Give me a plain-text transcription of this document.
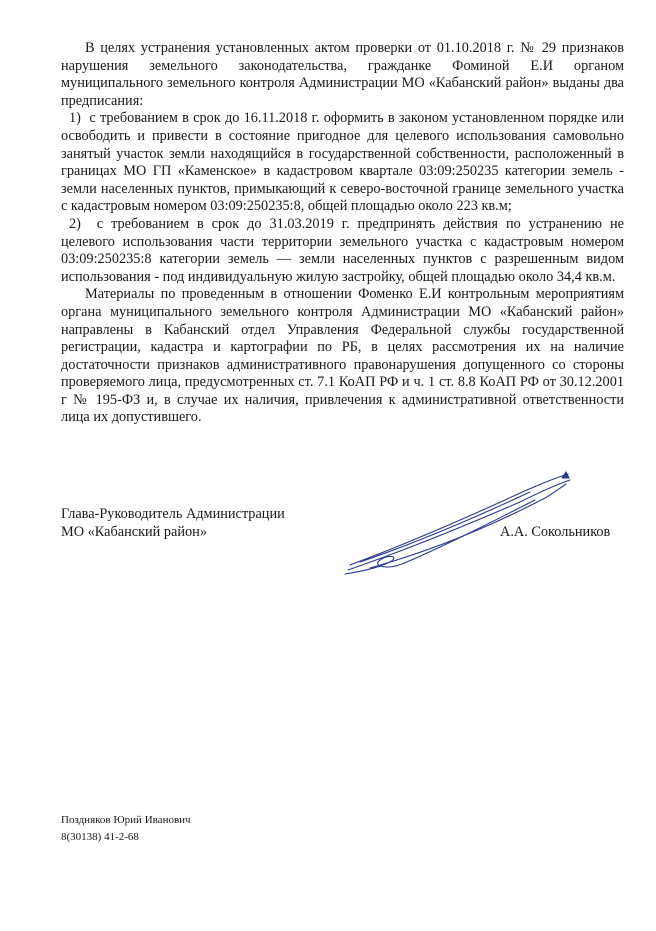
В целях устранения установленных актом проверки от 01.10.2018 г. № 29 признаков нарушения земельного законодательства, гражданке Фоминой Е.И органом муниципального земельного контроля Администрации МО «Кабанский район» выданы два предписания:

1) с требованием в срок до 16.11.2018 г. оформить в законом установленном порядке или освободить и привести в состояние пригодное для целевого использования самовольно занятый участок земли находящийся в государственной собственности, расположенный в границах МО ГП «Каменское» в кадастровом квартале 03:09:250235 категории земель - земли населенных пунктов, примыкающий к северо-восточной границе земельного участка с кадастровым номером 03:09:250235:8, общей площадью около 223 кв.м;

2) с требованием в срок до 31.03.2019 г. предпринять действия по устранению не целевого использования части территории земельного участка с кадастровым номером 03:09:250235:8 категории земель — земли населенных пунктов с разрешенным видом использования - под индивидуальную жилую застройку, общей площадью около 34,4 кв.м.

Материалы по проведенным в отношении Фоменко Е.И контрольным мероприятиям органа муниципального земельного контроля Администрации МО «Кабанский район» направлены в Кабанский отдел Управления Федеральной службы государственной регистрации, кадастра и картографии по РБ, в целях рассмотрения их на наличие достаточности признаков административного правонарушения допущенного со стороны проверяемого лица, предусмотренных ст. 7.1 КоАП РФ и ч. 1 ст. 8.8 КоАП РФ от 30.12.2001 г № 195-ФЗ и, в случае их наличия, привлечения к административной ответственности лица их допустившего.

Глава-Руководитель Администрации
МО «Кабанский район»	А.А. Сокольников
Поздняков Юрий Иванович
8(30138) 41-2-68
